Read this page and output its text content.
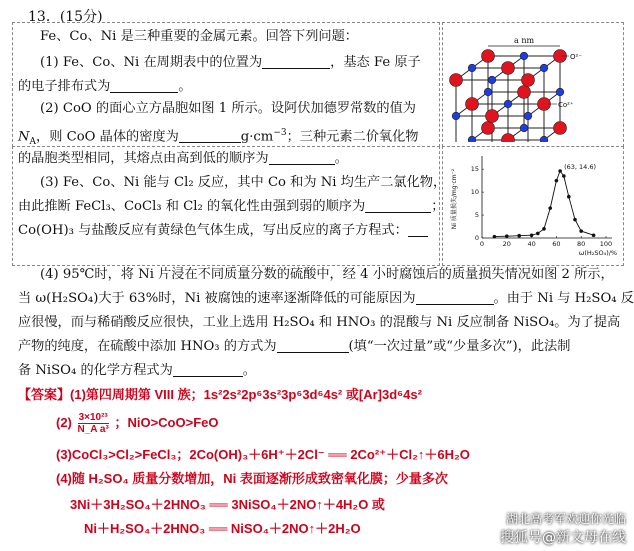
13．(15分)
Fe、Co、Ni 是三种重要的金属元素。回答下列问题：
(1) Fe、Co、Ni 在周期表中的位置为	，基态 Fe 原子
的电子排布式为	。
(2) CoO 的面心立方晶胞如图 1 所示。设阿伏加德罗常数的值为
$N_A$，则 CoO 晶体的密度为	$g\cdot cm^{-3}$；三种元素二价氧化物
的晶胞类型相同，其熔点由高到低的顺序为	。
(3) Fe、Co、Ni 能与 Cl₂ 反应，其中 Co 和为 Ni 均生产二氯化物，
由此推断 FeCl₃、CoCl₃ 和 Cl₂ 的氧化性由强到弱的顺序为	；
Co(OH)₃ 与盐酸反应有黄绿色气体生成，写出反应的离子方程式：
(4) 95℃时，将 Ni 片浸在不同质量分数的硫酸中，经 4 小时腐蚀后的质量损失情况如图 2 所示，
当 ω(H₂SO₄)大于 63%时，Ni 被腐蚀的速率逐渐降低的可能原因为	。由于 Ni 与 H₂SO₄ 反
应很慢，而与稀硝酸反应很快，工业上选用 H₂SO₄ 和 HNO₃ 的混酸与 Ni 反应制备 NiSO₄。为了提高
产物的纯度，在硫酸中添加 HNO₃ 的方式为	(填“一次过量”或“少量多次”)，此法制
备 NiSO₄ 的化学方程式为	。
【答案】(1)第四周期第 VIII 族；1s²2s²2p⁶3s²3p⁶3d⁶4s² 或[Ar]3d⁶4s²
$(2) \frac{\text{3×10²³}}{\text{N\_A a³}}$ ；NiO>CoO>FeO
(3)CoCl₃>Cl₂>FeCl₃；2Co(OH)₃＋6H⁺＋2Cl⁻ ══ 2Co²⁺＋Cl₂↑＋6H₂O
(4)随 H₂SO₄ 质量分数增加，Ni 表面逐渐形成致密氧化膜；少量多次
3Ni＋3H₂SO₄＋2HNO₃ ══ 3NiSO₄＋2NO↑＋4H₂O 或
Ni＋H₂SO₄＋2HNO₃ ══ NiSO₄＋2NO↑＋2H₂O
a nm
O²⁻
Co²⁺
0	20	40	60	80 100
0
5
10
15
Ni 质量损失/mg·cm⁻²
ω(H₂SO₄)/%
(63, 14.6)
湖北高考军欢迎你光临
搜狐号@新文母在线
